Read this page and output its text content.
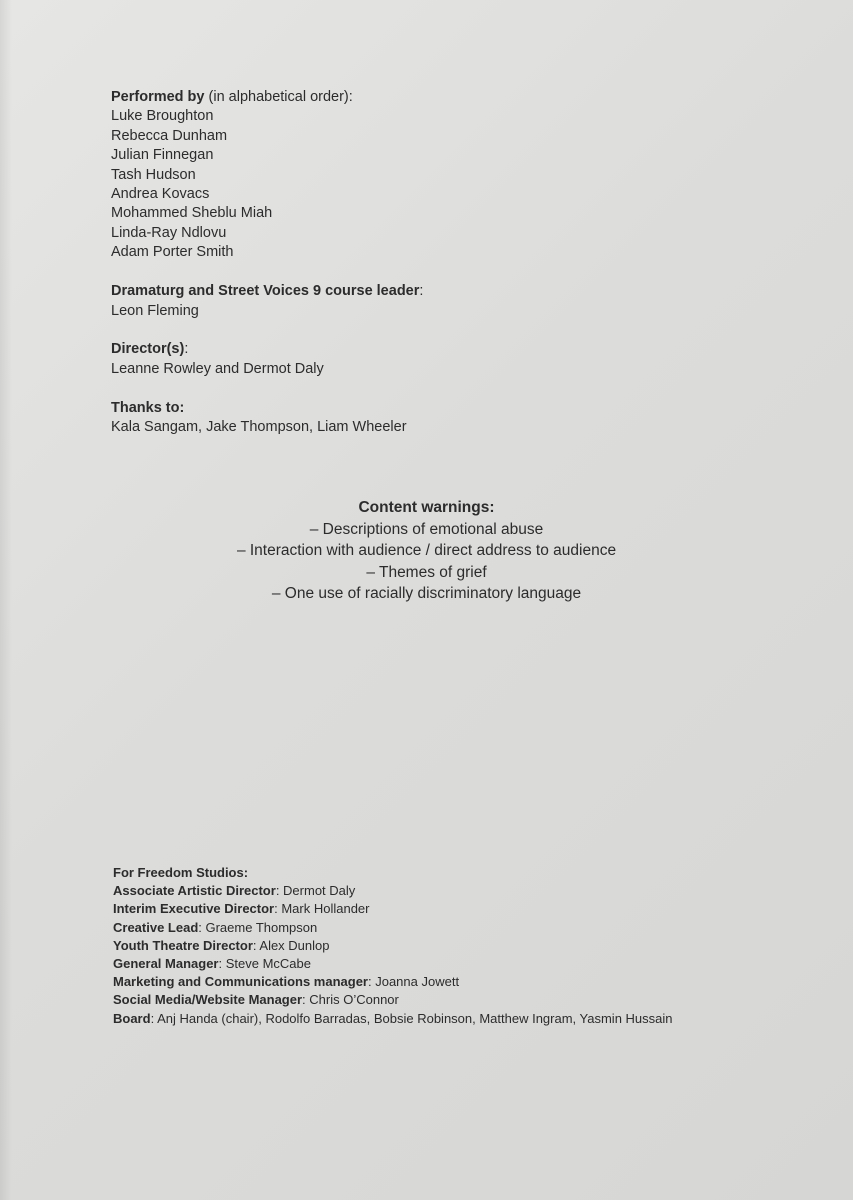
Performed by (in alphabetical order):
Luke Broughton
Rebecca Dunham
Julian Finnegan
Tash Hudson
Andrea Kovacs
Mohammed Sheblu Miah
Linda-Ray Ndlovu
Adam Porter Smith
Dramaturg and Street Voices 9 course leader:
Leon Fleming
Director(s):
Leanne Rowley and Dermot Daly
Thanks to:
Kala Sangam, Jake Thompson, Liam Wheeler
Content warnings:
– Descriptions of emotional abuse
– Interaction with audience / direct address to audience
– Themes of grief
– One use of racially discriminatory language
For Freedom Studios:
Associate Artistic Director: Dermot Daly
Interim Executive Director: Mark Hollander
Creative Lead: Graeme Thompson
Youth Theatre Director: Alex Dunlop
General Manager: Steve McCabe
Marketing and Communications manager: Joanna Jowett
Social Media/Website Manager: Chris O’Connor
Board: Anj Handa (chair), Rodolfo Barradas, Bobsie Robinson, Matthew Ingram, Yasmin Hussain
